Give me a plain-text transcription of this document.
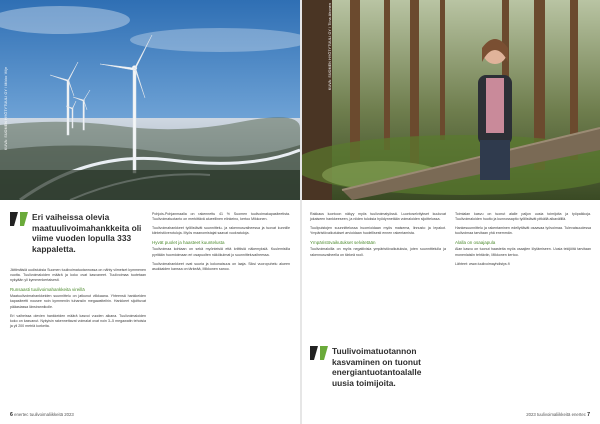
KUVA: SUOMEN HYÖTYTUULI OY / Mikko Vilje
KUVA: SUOMEN HYÖTYTUULI OY / Tiina Ahonen
Eri vaiheissa olevia maatuulivoimahankkeita oli viime vuoden lopulla 333 kappaletta.

Jättimäisiä uudistuksia Suomen tuulivoimatuotannossa on nähty viimeiset kymmenen vuotta. Tuulivoimaloiden määrä ja koko ovat kasvaneet. Tuulivoimaa tuotetaan nykyään yli kymmenkertaisesti.

Runsaasti tuulivoimahankkeita vireillä

Maatuulivoimahankkeiden suunnittelu on jatkunut vilkkaana. Yhteensä hankkeiden kapasiteetti nousee noin kymmeniin tuhansiin megawatteihin. Hankkeet sijoittuvat pääasiassa länsirannikolle.

Eri vaiheissa olevien hankkeiden määrä kasvoi vuoden aikana. Tuulivoimaloiden koko on kasvanut. Nykyisin rakennettavat voimalat ovat noin 3–5 megawatin tehoisia ja yli 200 metriä korkeita.

Pohjois-Pohjanmaalla on rakennettu 41 % Suomen tuulivoimakapasiteetista. Tuulivoimatuotanto on merkittävä alueellinen elinkeino, kertoo Mikkonen.

Tuulivoimahankkeet työllistävät suunnittelu- ja rakennusvaiheessa ja tuovat kunnille kiinteistöverotuloja. Myös maanomistajat saavat vuokratuloja.

Hyvät puolet ja haasteet kuuntelusta

Tuulivoimaa kohtaan on sekä myönteisiä että kriittisiä näkemyksiä. Kuulemisilla pyritään huomioimaan eri osapuolten näkökulmat jo suunnitteluvaiheessa.

Tuulivoimahankkeet ovat suuria ja kokonaisuus on laaja. Siksi vuoropuhelu alueen asukkaiden kanssa on tärkeää, Mikkonen sanoo.

Rakkaus luontoon näkyy myös tuulivoimatyössä. Luontoselvitykset kuuluvat jokaiseen hankkeeseen, ja niiden tuloksia hyödynnetään voimaloiden sijoittelussa.

Tuulipuistojen suunnittelussa huomioidaan myös maisema, linnusto ja lepakot. Ympäristövaikutukset arvioidaan huolellisesti ennen rakentamista.

Ympäristövaikutukset selvitetään

Tuulivoimaloilla on myös negatiivisia ympäristövaikutuksia, joten suunnittelulla ja rakennusvaiheella on tärkeä rooli.

Tuulivoimatuotannon kasvaminen on tuonut energiantuotantoalalle uusia toimijoita.

Toimialan kasvu on tuonut alalle paljon uusia toimijoita ja työpaikkoja. Tuulivoimaloiden huolto ja kunnossapito työllistävät pitkällä aikavälillä.

Hankesuunnittelu ja rakentaminen edellyttävät osaavaa työvoimaa. Tulevaisuudessa tuulivoimaa tarvitaan yhä enemmän.

Alalla on osaajapula

Alan kasvu on tuonut haasteita myös osaajien löytämiseen. Uusia tekijöitä tarvitaan monenlaisiin tehtäviin, Mikkonen kertoo.

Lähteet: www.tuulivoimayhdistys.fi

6 enertec tuulivoimaliikkeitä 2023	2023 tuulivoimaliikkeitä enertec 7
